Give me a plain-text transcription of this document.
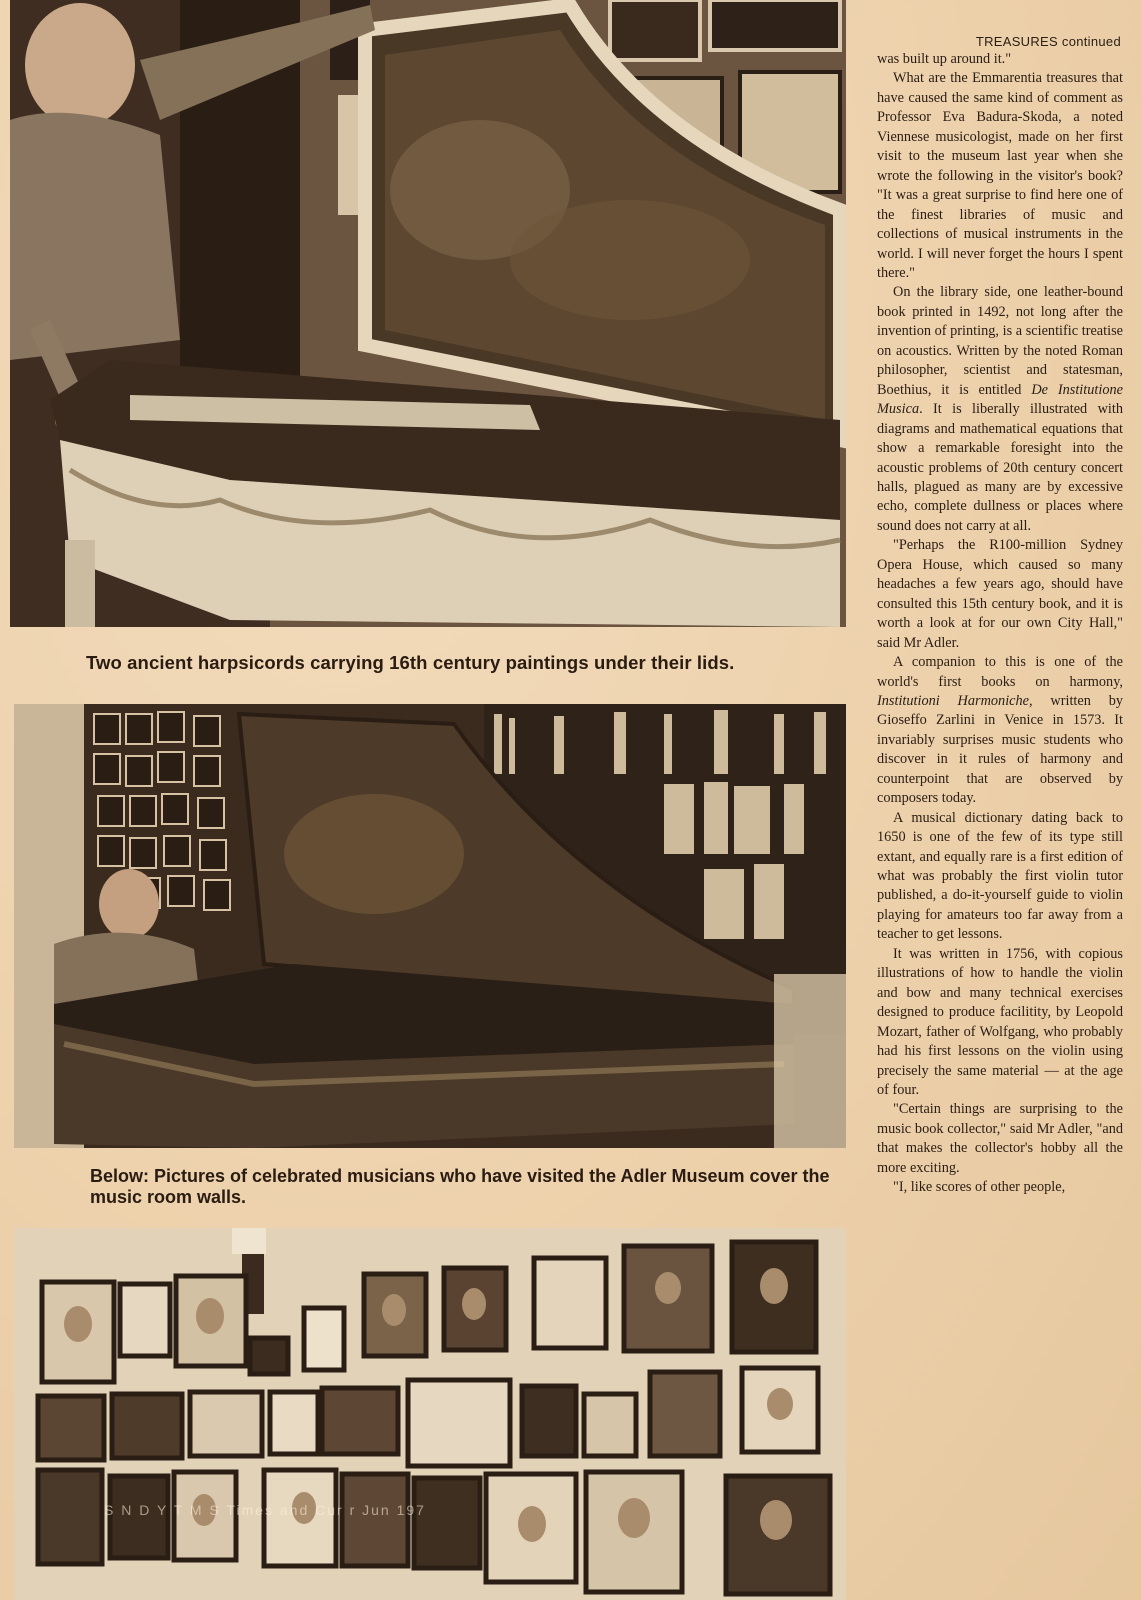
Two ancient harpsicords carrying 16th century paintings under their lids.

Below: Pictures of celebrated musicians who have visited the Adler Museum cover the music room walls.

S N D Y T M S Times and Cur r Jun 197
TREASURES continued

was built up around it."

What are the Emmarentia treasures that have caused the same kind of comment as Professor Eva Badura-Skoda, a noted Viennese musicologist, made on her first visit to the museum last year when she wrote the following in the visitor's book? "It was a great surprise to find here one of the finest libraries of music and collections of musical instruments in the world. I will never forget the hours I spent there."

On the library side, one leather-bound book printed in 1492, not long after the invention of printing, is a scientific treatise on acoustics. Written by the noted Roman philosopher, scientist and statesman, Boethius, it is entitled De Institutione Musica. It is liberally illustrated with diagrams and mathematical equations that show a remarkable foresight into the acoustic problems of 20th century concert halls, plagued as many are by excessive echo, complete dullness or places where sound does not carry at all.

"Perhaps the R100-million Sydney Opera House, which caused so many headaches a few years ago, should have consulted this 15th century book, and it is worth a look at for our own City Hall," said Mr Adler.

A companion to this is one of the world's first books on harmony, Institutioni Harmoniche, written by Gioseffo Zarlini in Venice in 1573. It invariably surprises music students who discover in it rules of harmony and counterpoint that are observed by composers today.

A musical dictionary dating back to 1650 is one of the few of its type still extant, and equally rare is a first edition of what was probably the first violin tutor published, a do-it-yourself guide to violin playing for amateurs too far away from a teacher to get lessons.

It was written in 1756, with copious illustrations of how to handle the violin and bow and many technical exercises designed to produce facilitity, by Leopold Mozart, father of Wolfgang, who probably had his first lessons on the violin using precisely the same material — at the age of four.

"Certain things are surprising to the music book collector," said Mr Adler, "and that makes the collector's hobby all the more exciting.

"I, like scores of other people,
